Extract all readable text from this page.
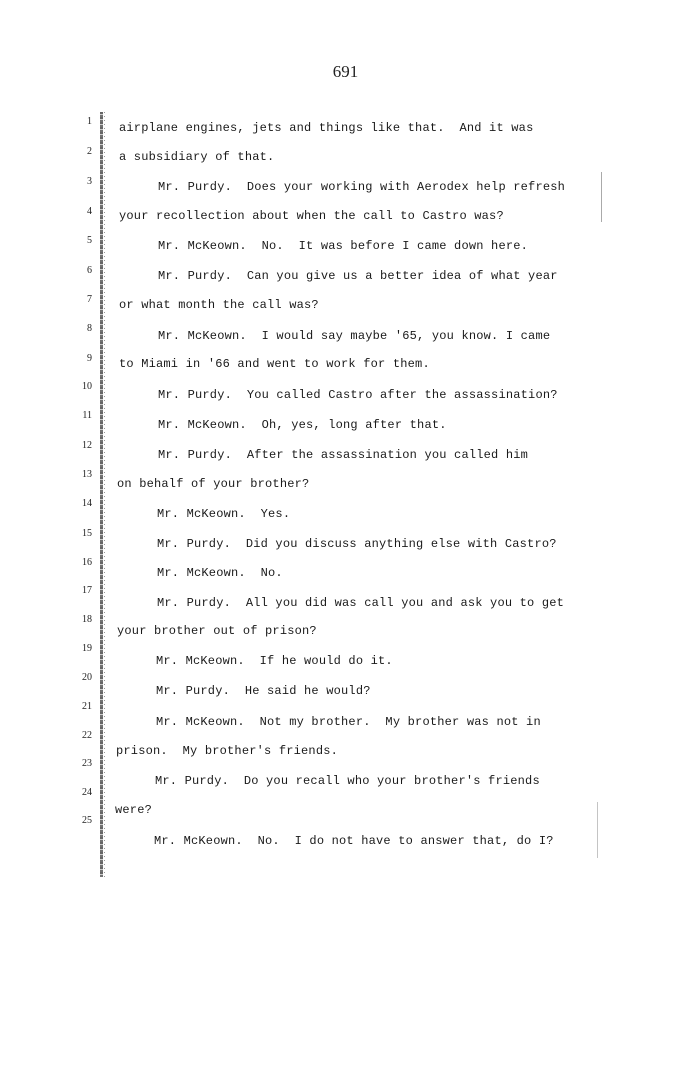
691
1
2
3
4
5
6
7
8
9
10
11
12
13
14
15
16
17
18
19
20
21
22
23
24
25
airplane engines, jets and things like that.  And it was
a subsidiary of that.
Mr. Purdy.  Does your working with Aerodex help refresh
your recollection about when the call to Castro was?
Mr. McKeown.  No.  It was before I came down here.
Mr. Purdy.  Can you give us a better idea of what year
or what month the call was?
Mr. McKeown.  I would say maybe '65, you know. I came
to Miami in '66 and went to work for them.
Mr. Purdy.  You called Castro after the assassination?
Mr. McKeown.  Oh, yes, long after that.
Mr. Purdy.  After the assassination you called him
on behalf of your brother?
Mr. McKeown.  Yes.
Mr. Purdy.  Did you discuss anything else with Castro?
Mr. McKeown.  No.
Mr. Purdy.  All you did was call you and ask you to get
your brother out of prison?
Mr. McKeown.  If he would do it.
Mr. Purdy.  He said he would?
Mr. McKeown.  Not my brother.  My brother was not in
prison.  My brother's friends.
Mr. Purdy.  Do you recall who your brother's friends
were?
Mr. McKeown.  No.  I do not have to answer that, do I?
